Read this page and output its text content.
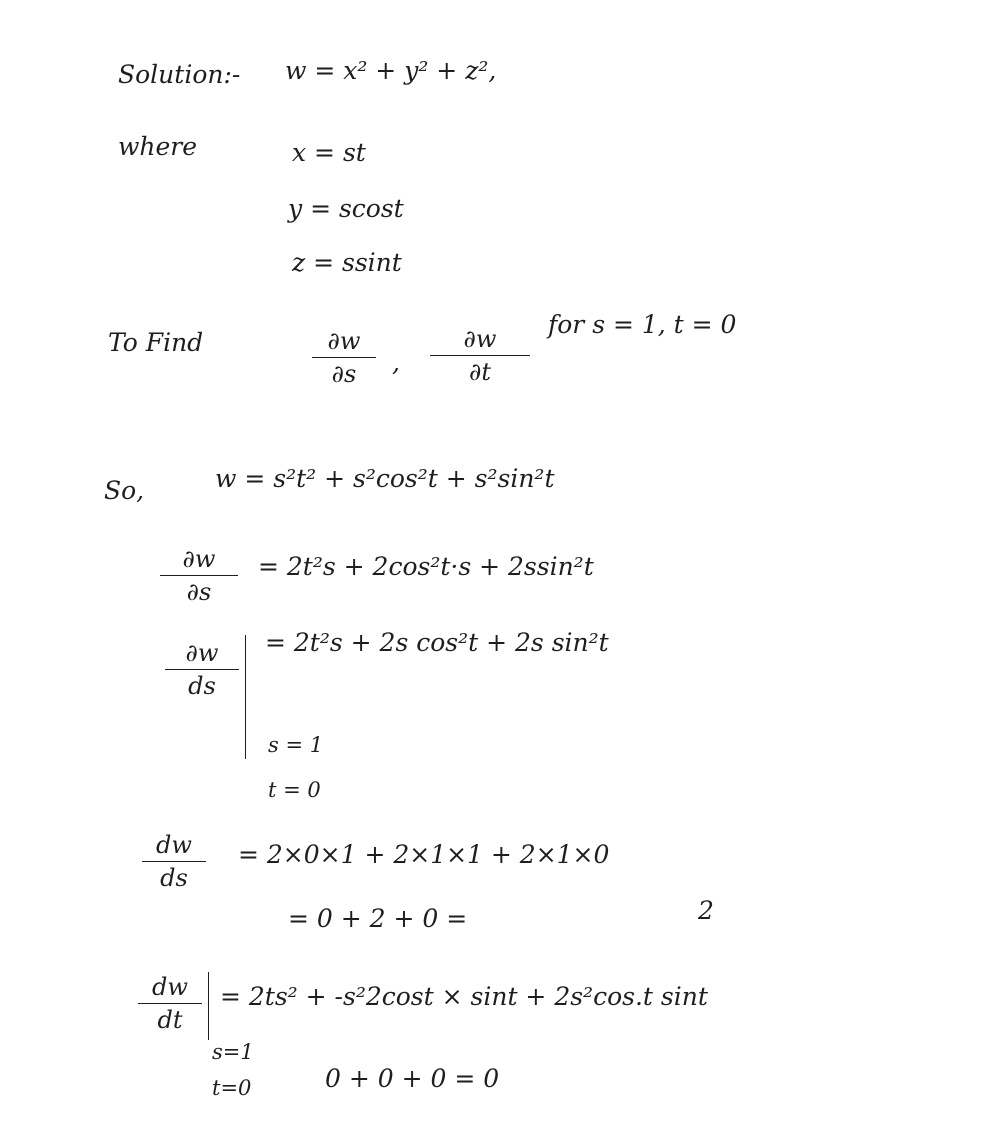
Solution:- w = x² + y² + z²,
where	x = st
y = scost
z = ssint
To Find	∂w
∂s	,
∂w
∂t
for s = 1, t = 0
So,	w = s²t² + s²cos²t + s²sin²t
∂w
∂s
= 2t²s + 2cos²t·s + 2ssin²t
∂w
ds
= 2t²s + 2s cos²t + 2s sin²t
s = 1
t = 0
dw
ds
= 2×0×1 + 2×1×1 + 2×1×0
= 0 + 2 + 0 =	2
dw
dt
= 2ts² + -s²2cost × sint + 2s²cos.t sint
s=1
t=0	0 + 0 + 0 = 0
